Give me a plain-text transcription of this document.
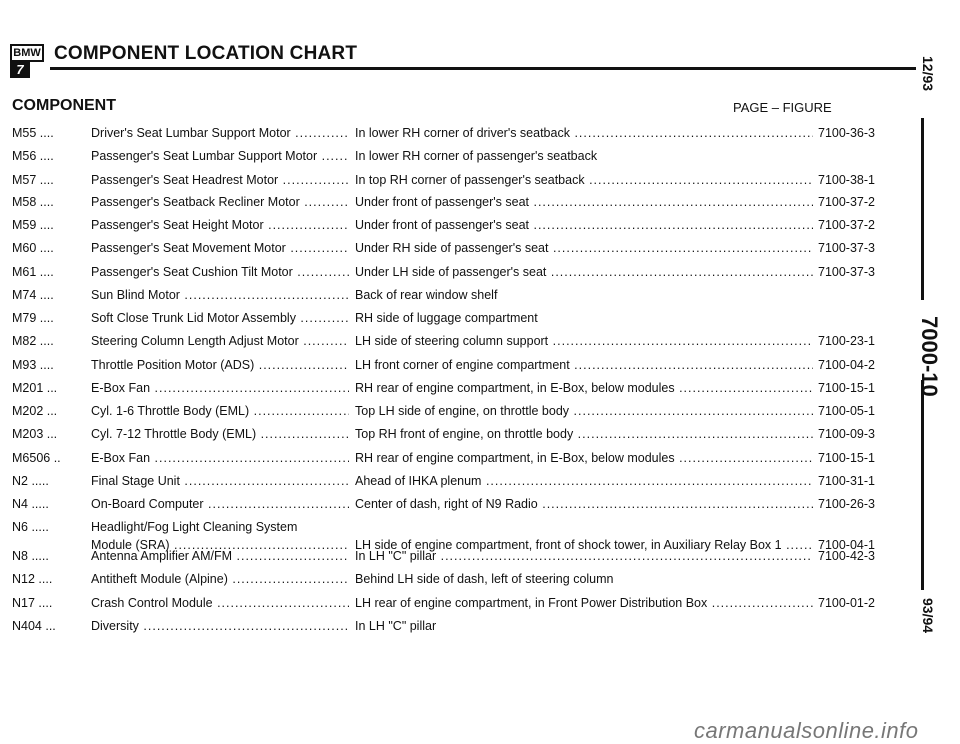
BMW
7
COMPONENT LOCATION CHART
COMPONENT	PAGE – FIGURE
M55 ....	Driver's Seat Lumbar Support Motor .....	In lower RH corner of driver's seatback .....	7100-36-3
M56 ....	Passenger's Seat Lumbar Support Motor .....	In lower RH corner of passenger's seatback
M57 ....	Passenger's Seat Headrest Motor .....	In top RH corner of passenger's seatback .....	7100-38-1
M58 ....	Passenger's Seatback Recliner Motor .....	Under front of passenger's seat .....	7100-37-2
M59 ....	Passenger's Seat Height Motor .....	Under front of passenger's seat .....	7100-37-2
M60 ....	Passenger's Seat Movement Motor .....	Under RH side of passenger's seat .....	7100-37-3
M61 ....	Passenger's Seat Cushion Tilt Motor .....	Under LH side of passenger's seat .....	7100-37-3
M74 ....	Sun Blind Motor .....	Back of rear window shelf
M79 ....	Soft Close Trunk Lid Motor Assembly .....	RH side of luggage compartment
M82 ....	Steering Column Length Adjust Motor .....	LH side of steering column support .....	7100-23-1
M93 ....	Throttle Position Motor (ADS) .....	LH front corner of engine compartment .....	7100-04-2
M201 ...	E-Box Fan .....	RH rear of engine compartment, in E-Box, below modules .....	7100-15-1
M202 ...	Cyl. 1-6 Throttle Body (EML) .....	Top LH side of engine, on throttle body .....	7100-05-1
M203 ...	Cyl. 7-12 Throttle Body (EML) .....	Top RH front of engine, on throttle body .....	7100-09-3
M6506 ..	E-Box Fan .....	RH rear of engine compartment, in E-Box, below modules .....	7100-15-1
N2 .....	Final Stage Unit .....	Ahead of IHKA plenum .....	7100-31-1
N4 .....	On-Board Computer .....	Center of dash, right of N9 Radio .....	7100-26-3
N6 .....	Headlight/Fog Light Cleaning System
Module (SRA) .....	LH side of engine compartment, front of shock tower, in Auxiliary Relay Box 1 .....	7100-04-1
N8 .....	Antenna Amplifier AM/FM .....	In LH "C" pillar .....	7100-42-3
N12 ....	Antitheft Module (Alpine) .....	Behind LH side of dash, left of steering column
N17 ....	Crash Control Module .....	LH rear of engine compartment, in Front Power Distribution Box .....	7100-01-2
N404 ...	Diversity .....	In LH "C" pillar
12/93
7000-10
93/94
carmanualsonline.info
